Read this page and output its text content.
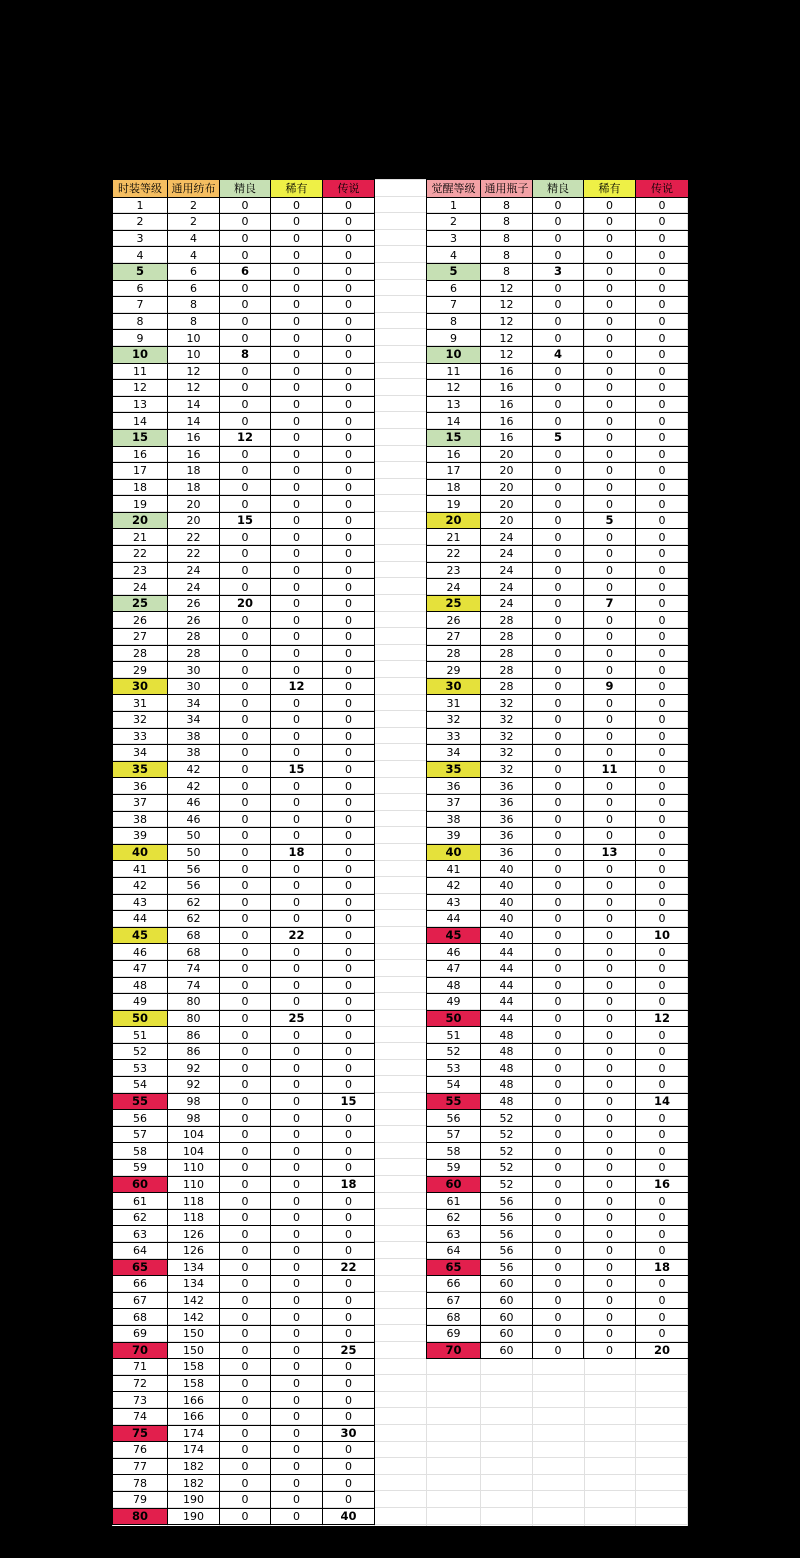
时装等级	通用纺布	精良	稀有	传说
1	2	0	0	0
2	2	0	0	0
3	4	0	0	0
4	4	0	0	0
5	6	6	0	0
6	6	0	0	0
7	8	0	0	0
8	8	0	0	0
9	10	0	0	0
10	10	8	0	0
11	12	0	0	0
12	12	0	0	0
13	14	0	0	0
14	14	0	0	0
15	16	12	0	0
16	16	0	0	0
17	18	0	0	0
18	18	0	0	0
19	20	0	0	0
20	20	15	0	0
21	22	0	0	0
22	22	0	0	0
23	24	0	0	0
24	24	0	0	0
25	26	20	0	0
26	26	0	0	0
27	28	0	0	0
28	28	0	0	0
29	30	0	0	0
30	30	0	12	0
31	34	0	0	0
32	34	0	0	0
33	38	0	0	0
34	38	0	0	0
35	42	0	15	0
36	42	0	0	0
37	46	0	0	0
38	46	0	0	0
39	50	0	0	0
40	50	0	18	0
41	56	0	0	0
42	56	0	0	0
43	62	0	0	0
44	62	0	0	0
45	68	0	22	0
46	68	0	0	0
47	74	0	0	0
48	74	0	0	0
49	80	0	0	0
50	80	0	25	0
51	86	0	0	0
52	86	0	0	0
53	92	0	0	0
54	92	0	0	0
55	98	0	0	15
56	98	0	0	0
57	104	0	0	0
58	104	0	0	0
59	110	0	0	0
60	110	0	0	18
61	118	0	0	0
62	118	0	0	0
63	126	0	0	0
64	126	0	0	0
65	134	0	0	22
66	134	0	0	0
67	142	0	0	0
68	142	0	0	0
69	150	0	0	0
70	150	0	0	25
71	158	0	0	0
72	158	0	0	0
73	166	0	0	0
74	166	0	0	0
75	174	0	0	30
76	174	0	0	0
77	182	0	0	0
78	182	0	0	0
79	190	0	0	0
80	190	0	0	40
觉醒等级	通用瓶子	精良	稀有	传说
1	8	0	0	0
2	8	0	0	0
3	8	0	0	0
4	8	0	0	0
5	8	3	0	0
6	12	0	0	0
7	12	0	0	0
8	12	0	0	0
9	12	0	0	0
10	12	4	0	0
11	16	0	0	0
12	16	0	0	0
13	16	0	0	0
14	16	0	0	0
15	16	5	0	0
16	20	0	0	0
17	20	0	0	0
18	20	0	0	0
19	20	0	0	0
20	20	0	5	0
21	24	0	0	0
22	24	0	0	0
23	24	0	0	0
24	24	0	0	0
25	24	0	7	0
26	28	0	0	0
27	28	0	0	0
28	28	0	0	0
29	28	0	0	0
30	28	0	9	0
31	32	0	0	0
32	32	0	0	0
33	32	0	0	0
34	32	0	0	0
35	32	0	11	0
36	36	0	0	0
37	36	0	0	0
38	36	0	0	0
39	36	0	0	0
40	36	0	13	0
41	40	0	0	0
42	40	0	0	0
43	40	0	0	0
44	40	0	0	0
45	40	0	0	10
46	44	0	0	0
47	44	0	0	0
48	44	0	0	0
49	44	0	0	0
50	44	0	0	12
51	48	0	0	0
52	48	0	0	0
53	48	0	0	0
54	48	0	0	0
55	48	0	0	14
56	52	0	0	0
57	52	0	0	0
58	52	0	0	0
59	52	0	0	0
60	52	0	0	16
61	56	0	0	0
62	56	0	0	0
63	56	0	0	0
64	56	0	0	0
65	56	0	0	18
66	60	0	0	0
67	60	0	0	0
68	60	0	0	0
69	60	0	0	0
70	60	0	0	20
